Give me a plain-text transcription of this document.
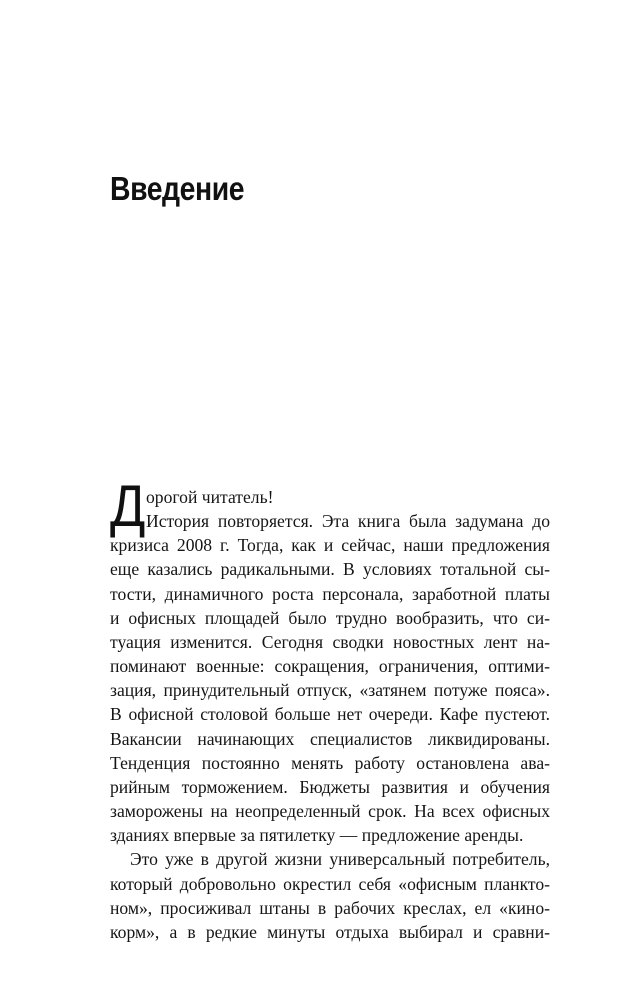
Введение
Д орогой читатель!
История повторяется. Эта книга была задумана до
кризиса 2008 г. Тогда, как и сейчас, наши предложения
еще казались радикальными. В условиях тотальной сы-
тости, динамичного роста персонала, заработной платы
и офисных площадей было трудно вообразить, что си-
туация изменится. Сегодня сводки новостных лент на-
поминают военные: сокращения, ограничения, оптими-
зация, принудительный отпуск, «затянем потуже пояса».
В офисной столовой больше нет очереди. Кафе пустеют.
Вакансии начинающих специалистов ликвидированы.
Тенденция постоянно менять работу остановлена ава-
рийным торможением. Бюджеты развития и обучения
заморожены на неопределенный срок. На всех офисных
зданиях впервые за пятилетку — предложение аренды.
Это уже в другой жизни универсальный потребитель,
который добровольно окрестил себя «офисным планкто-
ном», просиживал штаны в рабочих креслах, ел «кино-
корм», а в редкие минуты отдыха выбирал и сравни-
